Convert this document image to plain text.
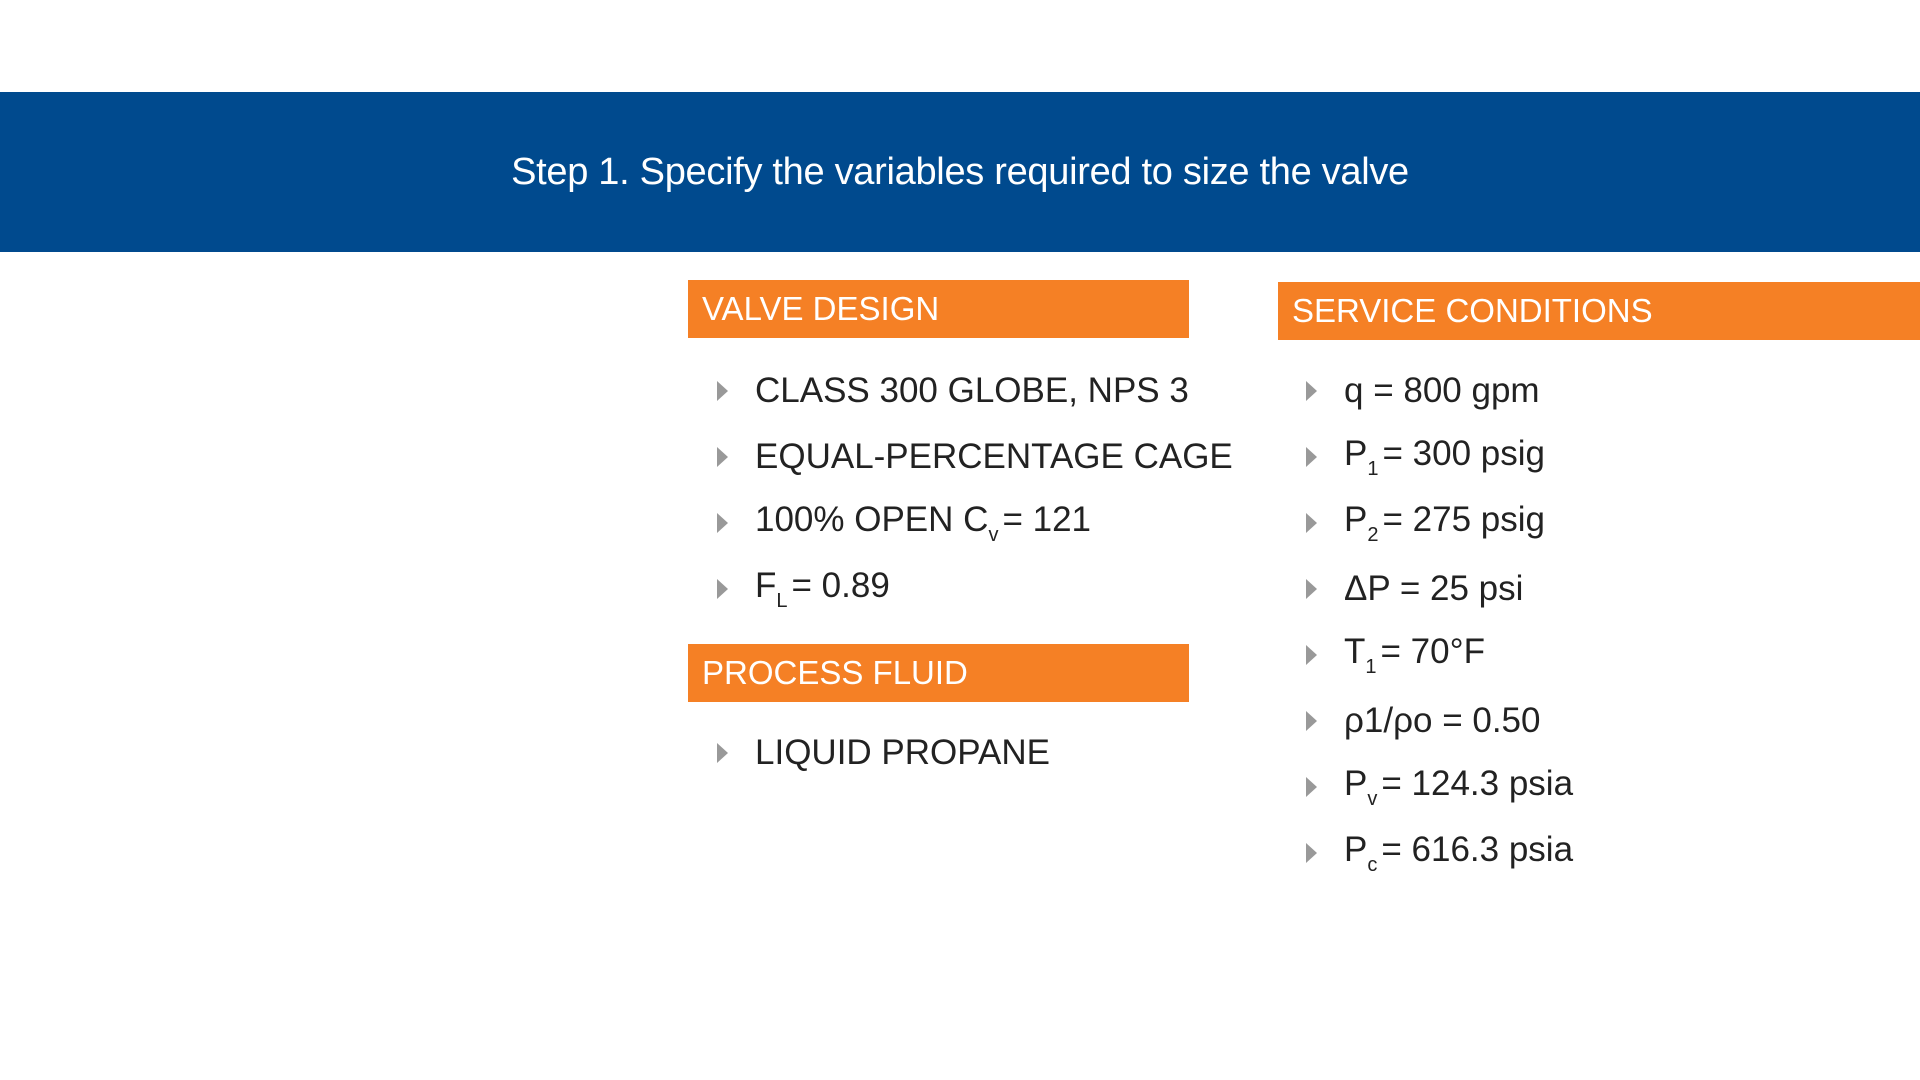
Step 1. Specify the variables required to size the valve
VALVE DESIGN
CLASS 300 GLOBE, NPS 3
EQUAL-PERCENTAGE CAGE
100% OPEN $C_v = 121$
$F_L = 0.89$
PROCESS FLUID
LIQUID PROPANE
SERVICE CONDITIONS
q = 800 gpm
$P_1 = 300$ psig
$P_2 = 275$ psig
ΔP = 25 psi
$T_1 = 70^\circ F$
ρ1/ρo = 0.50
$P_v = 124.3$ psia
$P_c = 616.3$ psia
